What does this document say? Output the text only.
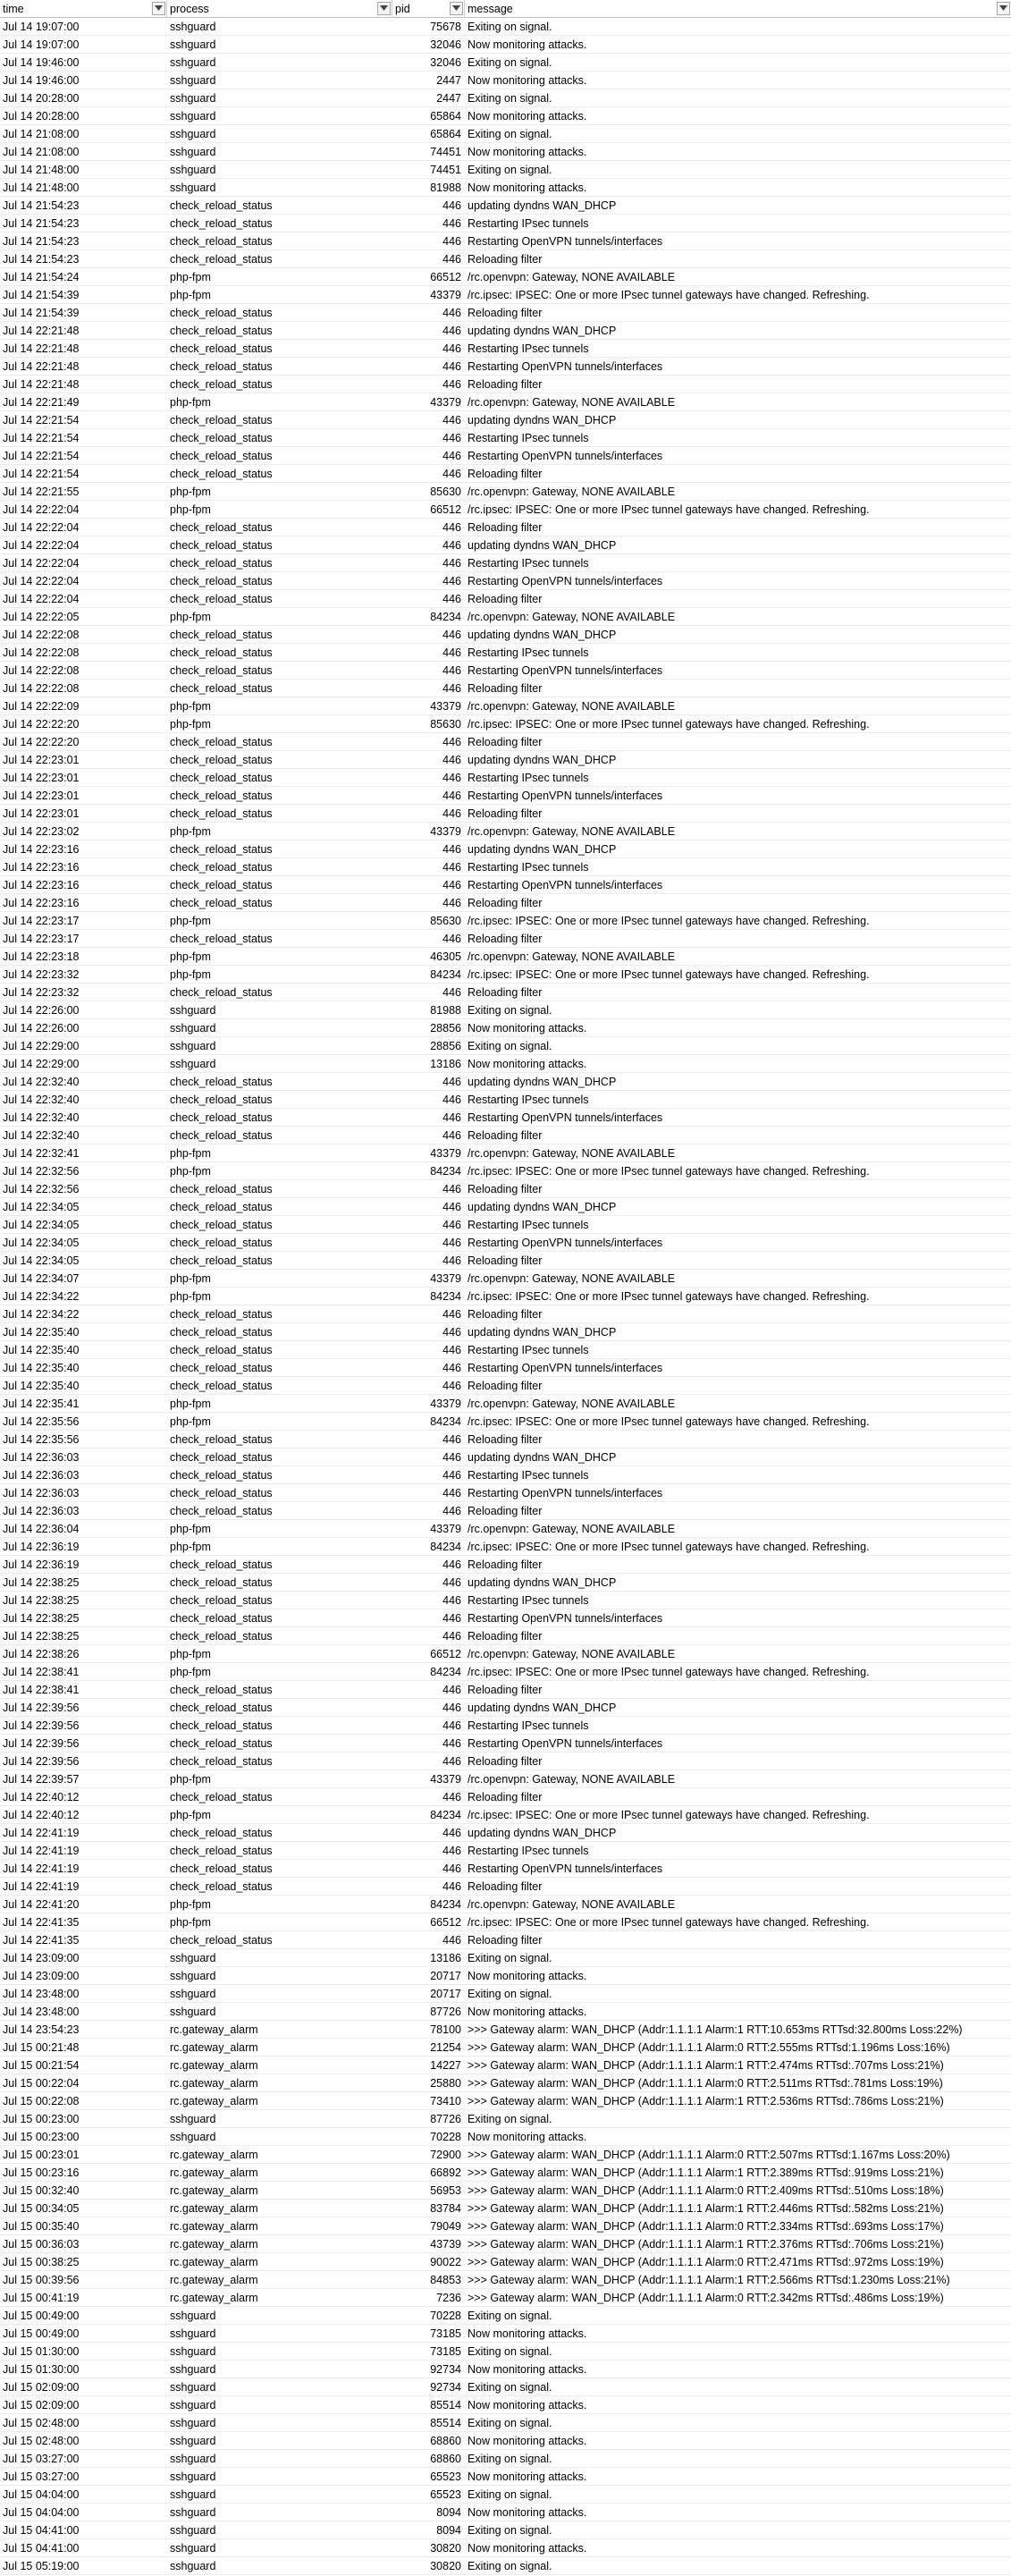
time	process	pid	message
Jul 14 19:07:00	sshguard	75678 Exiting on signal.
Jul 14 19:07:00	sshguard	32046 Now monitoring attacks.
Jul 14 19:46:00	sshguard	32046 Exiting on signal.
Jul 14 19:46:00	sshguard	2447 Now monitoring attacks.
Jul 14 20:28:00	sshguard	2447 Exiting on signal.
Jul 14 20:28:00	sshguard	65864 Now monitoring attacks.
Jul 14 21:08:00	sshguard	65864 Exiting on signal.
Jul 14 21:08:00	sshguard	74451 Now monitoring attacks.
Jul 14 21:48:00	sshguard	74451 Exiting on signal.
Jul 14 21:48:00	sshguard	81988 Now monitoring attacks.
Jul 14 21:54:23	check_reload_status	446 updating dyndns WAN_DHCP
Jul 14 21:54:23	check_reload_status	446 Restarting IPsec tunnels
Jul 14 21:54:23	check_reload_status	446 Restarting OpenVPN tunnels/interfaces
Jul 14 21:54:23	check_reload_status	446 Reloading filter
Jul 14 21:54:24	php-fpm	66512 /rc.openvpn: Gateway, NONE AVAILABLE
Jul 14 21:54:39	php-fpm	43379 /rc.ipsec: IPSEC: One or more IPsec tunnel gateways have changed. Refreshing.
Jul 14 21:54:39	check_reload_status	446 Reloading filter
Jul 14 22:21:48	check_reload_status	446 updating dyndns WAN_DHCP
Jul 14 22:21:48	check_reload_status	446 Restarting IPsec tunnels
Jul 14 22:21:48	check_reload_status	446 Restarting OpenVPN tunnels/interfaces
Jul 14 22:21:48	check_reload_status	446 Reloading filter
Jul 14 22:21:49	php-fpm	43379 /rc.openvpn: Gateway, NONE AVAILABLE
Jul 14 22:21:54	check_reload_status	446 updating dyndns WAN_DHCP
Jul 14 22:21:54	check_reload_status	446 Restarting IPsec tunnels
Jul 14 22:21:54	check_reload_status	446 Restarting OpenVPN tunnels/interfaces
Jul 14 22:21:54	check_reload_status	446 Reloading filter
Jul 14 22:21:55	php-fpm	85630 /rc.openvpn: Gateway, NONE AVAILABLE
Jul 14 22:22:04	php-fpm	66512 /rc.ipsec: IPSEC: One or more IPsec tunnel gateways have changed. Refreshing.
Jul 14 22:22:04	check_reload_status	446 Reloading filter
Jul 14 22:22:04	check_reload_status	446 updating dyndns WAN_DHCP
Jul 14 22:22:04	check_reload_status	446 Restarting IPsec tunnels
Jul 14 22:22:04	check_reload_status	446 Restarting OpenVPN tunnels/interfaces
Jul 14 22:22:04	check_reload_status	446 Reloading filter
Jul 14 22:22:05	php-fpm	84234 /rc.openvpn: Gateway, NONE AVAILABLE
Jul 14 22:22:08	check_reload_status	446 updating dyndns WAN_DHCP
Jul 14 22:22:08	check_reload_status	446 Restarting IPsec tunnels
Jul 14 22:22:08	check_reload_status	446 Restarting OpenVPN tunnels/interfaces
Jul 14 22:22:08	check_reload_status	446 Reloading filter
Jul 14 22:22:09	php-fpm	43379 /rc.openvpn: Gateway, NONE AVAILABLE
Jul 14 22:22:20	php-fpm	85630 /rc.ipsec: IPSEC: One or more IPsec tunnel gateways have changed. Refreshing.
Jul 14 22:22:20	check_reload_status	446 Reloading filter
Jul 14 22:23:01	check_reload_status	446 updating dyndns WAN_DHCP
Jul 14 22:23:01	check_reload_status	446 Restarting IPsec tunnels
Jul 14 22:23:01	check_reload_status	446 Restarting OpenVPN tunnels/interfaces
Jul 14 22:23:01	check_reload_status	446 Reloading filter
Jul 14 22:23:02	php-fpm	43379 /rc.openvpn: Gateway, NONE AVAILABLE
Jul 14 22:23:16	check_reload_status	446 updating dyndns WAN_DHCP
Jul 14 22:23:16	check_reload_status	446 Restarting IPsec tunnels
Jul 14 22:23:16	check_reload_status	446 Restarting OpenVPN tunnels/interfaces
Jul 14 22:23:16	check_reload_status	446 Reloading filter
Jul 14 22:23:17	php-fpm	85630 /rc.ipsec: IPSEC: One or more IPsec tunnel gateways have changed. Refreshing.
Jul 14 22:23:17	check_reload_status	446 Reloading filter
Jul 14 22:23:18	php-fpm	46305 /rc.openvpn: Gateway, NONE AVAILABLE
Jul 14 22:23:32	php-fpm	84234 /rc.ipsec: IPSEC: One or more IPsec tunnel gateways have changed. Refreshing.
Jul 14 22:23:32	check_reload_status	446 Reloading filter
Jul 14 22:26:00	sshguard	81988 Exiting on signal.
Jul 14 22:26:00	sshguard	28856 Now monitoring attacks.
Jul 14 22:29:00	sshguard	28856 Exiting on signal.
Jul 14 22:29:00	sshguard	13186 Now monitoring attacks.
Jul 14 22:32:40	check_reload_status	446 updating dyndns WAN_DHCP
Jul 14 22:32:40	check_reload_status	446 Restarting IPsec tunnels
Jul 14 22:32:40	check_reload_status	446 Restarting OpenVPN tunnels/interfaces
Jul 14 22:32:40	check_reload_status	446 Reloading filter
Jul 14 22:32:41	php-fpm	43379 /rc.openvpn: Gateway, NONE AVAILABLE
Jul 14 22:32:56	php-fpm	84234 /rc.ipsec: IPSEC: One or more IPsec tunnel gateways have changed. Refreshing.
Jul 14 22:32:56	check_reload_status	446 Reloading filter
Jul 14 22:34:05	check_reload_status	446 updating dyndns WAN_DHCP
Jul 14 22:34:05	check_reload_status	446 Restarting IPsec tunnels
Jul 14 22:34:05	check_reload_status	446 Restarting OpenVPN tunnels/interfaces
Jul 14 22:34:05	check_reload_status	446 Reloading filter
Jul 14 22:34:07	php-fpm	43379 /rc.openvpn: Gateway, NONE AVAILABLE
Jul 14 22:34:22	php-fpm	84234 /rc.ipsec: IPSEC: One or more IPsec tunnel gateways have changed. Refreshing.
Jul 14 22:34:22	check_reload_status	446 Reloading filter
Jul 14 22:35:40	check_reload_status	446 updating dyndns WAN_DHCP
Jul 14 22:35:40	check_reload_status	446 Restarting IPsec tunnels
Jul 14 22:35:40	check_reload_status	446 Restarting OpenVPN tunnels/interfaces
Jul 14 22:35:40	check_reload_status	446 Reloading filter
Jul 14 22:35:41	php-fpm	43379 /rc.openvpn: Gateway, NONE AVAILABLE
Jul 14 22:35:56	php-fpm	84234 /rc.ipsec: IPSEC: One or more IPsec tunnel gateways have changed. Refreshing.
Jul 14 22:35:56	check_reload_status	446 Reloading filter
Jul 14 22:36:03	check_reload_status	446 updating dyndns WAN_DHCP
Jul 14 22:36:03	check_reload_status	446 Restarting IPsec tunnels
Jul 14 22:36:03	check_reload_status	446 Restarting OpenVPN tunnels/interfaces
Jul 14 22:36:03	check_reload_status	446 Reloading filter
Jul 14 22:36:04	php-fpm	43379 /rc.openvpn: Gateway, NONE AVAILABLE
Jul 14 22:36:19	php-fpm	84234 /rc.ipsec: IPSEC: One or more IPsec tunnel gateways have changed. Refreshing.
Jul 14 22:36:19	check_reload_status	446 Reloading filter
Jul 14 22:38:25	check_reload_status	446 updating dyndns WAN_DHCP
Jul 14 22:38:25	check_reload_status	446 Restarting IPsec tunnels
Jul 14 22:38:25	check_reload_status	446 Restarting OpenVPN tunnels/interfaces
Jul 14 22:38:25	check_reload_status	446 Reloading filter
Jul 14 22:38:26	php-fpm	66512 /rc.openvpn: Gateway, NONE AVAILABLE
Jul 14 22:38:41	php-fpm	84234 /rc.ipsec: IPSEC: One or more IPsec tunnel gateways have changed. Refreshing.
Jul 14 22:38:41	check_reload_status	446 Reloading filter
Jul 14 22:39:56	check_reload_status	446 updating dyndns WAN_DHCP
Jul 14 22:39:56	check_reload_status	446 Restarting IPsec tunnels
Jul 14 22:39:56	check_reload_status	446 Restarting OpenVPN tunnels/interfaces
Jul 14 22:39:56	check_reload_status	446 Reloading filter
Jul 14 22:39:57	php-fpm	43379 /rc.openvpn: Gateway, NONE AVAILABLE
Jul 14 22:40:12	check_reload_status	446 Reloading filter
Jul 14 22:40:12	php-fpm	84234 /rc.ipsec: IPSEC: One or more IPsec tunnel gateways have changed. Refreshing.
Jul 14 22:41:19	check_reload_status	446 updating dyndns WAN_DHCP
Jul 14 22:41:19	check_reload_status	446 Restarting IPsec tunnels
Jul 14 22:41:19	check_reload_status	446 Restarting OpenVPN tunnels/interfaces
Jul 14 22:41:19	check_reload_status	446 Reloading filter
Jul 14 22:41:20	php-fpm	84234 /rc.openvpn: Gateway, NONE AVAILABLE
Jul 14 22:41:35	php-fpm	66512 /rc.ipsec: IPSEC: One or more IPsec tunnel gateways have changed. Refreshing.
Jul 14 22:41:35	check_reload_status	446 Reloading filter
Jul 14 23:09:00	sshguard	13186 Exiting on signal.
Jul 14 23:09:00	sshguard	20717 Now monitoring attacks.
Jul 14 23:48:00	sshguard	20717 Exiting on signal.
Jul 14 23:48:00	sshguard	87726 Now monitoring attacks.
Jul 14 23:54:23	rc.gateway_alarm	78100 >>> Gateway alarm: WAN_DHCP (Addr:1.1.1.1 Alarm:1 RTT:10.653ms RTTsd:32.800ms Loss:22%)
Jul 15 00:21:48	rc.gateway_alarm	21254 >>> Gateway alarm: WAN_DHCP (Addr:1.1.1.1 Alarm:0 RTT:2.555ms RTTsd:1.196ms Loss:16%)
Jul 15 00:21:54	rc.gateway_alarm	14227 >>> Gateway alarm: WAN_DHCP (Addr:1.1.1.1 Alarm:1 RTT:2.474ms RTTsd:.707ms Loss:21%)
Jul 15 00:22:04	rc.gateway_alarm	25880 >>> Gateway alarm: WAN_DHCP (Addr:1.1.1.1 Alarm:0 RTT:2.511ms RTTsd:.781ms Loss:19%)
Jul 15 00:22:08	rc.gateway_alarm	73410 >>> Gateway alarm: WAN_DHCP (Addr:1.1.1.1 Alarm:1 RTT:2.536ms RTTsd:.786ms Loss:21%)
Jul 15 00:23:00	sshguard	87726 Exiting on signal.
Jul 15 00:23:00	sshguard	70228 Now monitoring attacks.
Jul 15 00:23:01	rc.gateway_alarm	72900 >>> Gateway alarm: WAN_DHCP (Addr:1.1.1.1 Alarm:0 RTT:2.507ms RTTsd:1.167ms Loss:20%)
Jul 15 00:23:16	rc.gateway_alarm	66892 >>> Gateway alarm: WAN_DHCP (Addr:1.1.1.1 Alarm:1 RTT:2.389ms RTTsd:.919ms Loss:21%)
Jul 15 00:32:40	rc.gateway_alarm	56953 >>> Gateway alarm: WAN_DHCP (Addr:1.1.1.1 Alarm:0 RTT:2.409ms RTTsd:.510ms Loss:18%)
Jul 15 00:34:05	rc.gateway_alarm	83784 >>> Gateway alarm: WAN_DHCP (Addr:1.1.1.1 Alarm:1 RTT:2.446ms RTTsd:.582ms Loss:21%)
Jul 15 00:35:40	rc.gateway_alarm	79049 >>> Gateway alarm: WAN_DHCP (Addr:1.1.1.1 Alarm:0 RTT:2.334ms RTTsd:.693ms Loss:17%)
Jul 15 00:36:03	rc.gateway_alarm	43739 >>> Gateway alarm: WAN_DHCP (Addr:1.1.1.1 Alarm:1 RTT:2.376ms RTTsd:.706ms Loss:21%)
Jul 15 00:38:25	rc.gateway_alarm	90022 >>> Gateway alarm: WAN_DHCP (Addr:1.1.1.1 Alarm:0 RTT:2.471ms RTTsd:.972ms Loss:19%)
Jul 15 00:39:56	rc.gateway_alarm	84853 >>> Gateway alarm: WAN_DHCP (Addr:1.1.1.1 Alarm:1 RTT:2.566ms RTTsd:1.230ms Loss:21%)
Jul 15 00:41:19	rc.gateway_alarm	7236 >>> Gateway alarm: WAN_DHCP (Addr:1.1.1.1 Alarm:0 RTT:2.342ms RTTsd:.486ms Loss:19%)
Jul 15 00:49:00	sshguard	70228 Exiting on signal.
Jul 15 00:49:00	sshguard	73185 Now monitoring attacks.
Jul 15 01:30:00	sshguard	73185 Exiting on signal.
Jul 15 01:30:00	sshguard	92734 Now monitoring attacks.
Jul 15 02:09:00	sshguard	92734 Exiting on signal.
Jul 15 02:09:00	sshguard	85514 Now monitoring attacks.
Jul 15 02:48:00	sshguard	85514 Exiting on signal.
Jul 15 02:48:00	sshguard	68860 Now monitoring attacks.
Jul 15 03:27:00	sshguard	68860 Exiting on signal.
Jul 15 03:27:00	sshguard	65523 Now monitoring attacks.
Jul 15 04:04:00	sshguard	65523 Exiting on signal.
Jul 15 04:04:00	sshguard	8094 Now monitoring attacks.
Jul 15 04:41:00	sshguard	8094 Exiting on signal.
Jul 15 04:41:00	sshguard	30820 Now monitoring attacks.
Jul 15 05:19:00	sshguard	30820 Exiting on signal.
